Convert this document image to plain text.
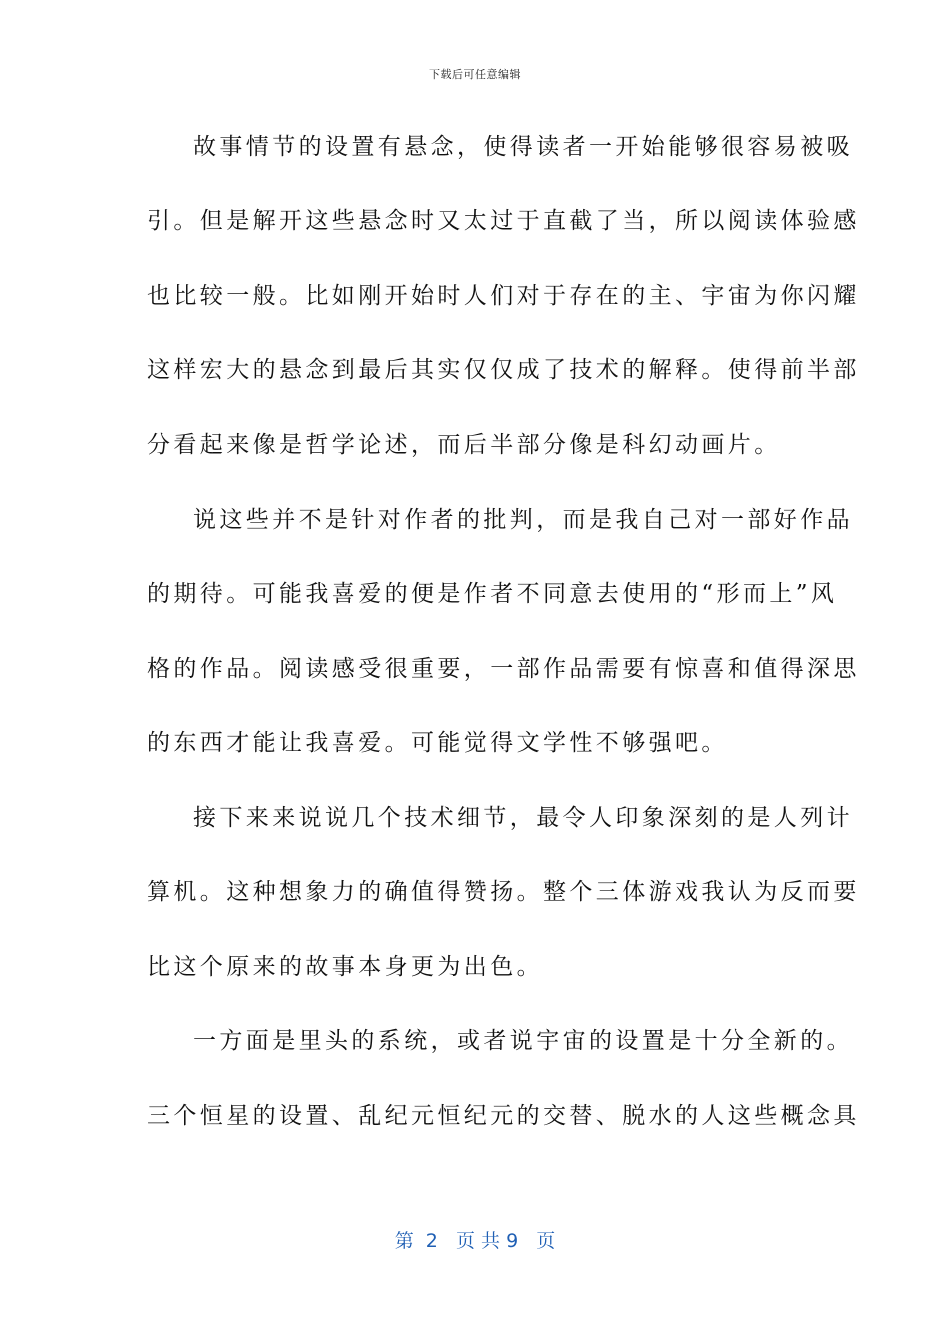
下载后可任意编辑
故事情节的设置有悬念，使得读者一开始能够很容易被吸
引。但是解开这些悬念时又太过于直截了当，所以阅读体验感
也比较一般。比如刚开始时人们对于存在的主、宇宙为你闪耀
这样宏大的悬念到最后其实仅仅成了技术的解释。使得前半部
分看起来像是哲学论述，而后半部分像是科幻动画片。
说这些并不是针对作者的批判，而是我自己对一部好作品
的期待。可能我喜爱的便是作者不同意去使用的“形而上”风
格的作品。阅读感受很重要，一部作品需要有惊喜和值得深思
的东西才能让我喜爱。可能觉得文学性不够强吧。
接下来来说说几个技术细节，最令人印象深刻的是人列计
算机。这种想象力的确值得赞扬。整个三体游戏我认为反而要
比这个原来的故事本身更为出色。
一方面是里头的系统，或者说宇宙的设置是十分全新的。
三个恒星的设置、乱纪元恒纪元的交替、脱水的人这些概念具
第  2   页 共 9   页
